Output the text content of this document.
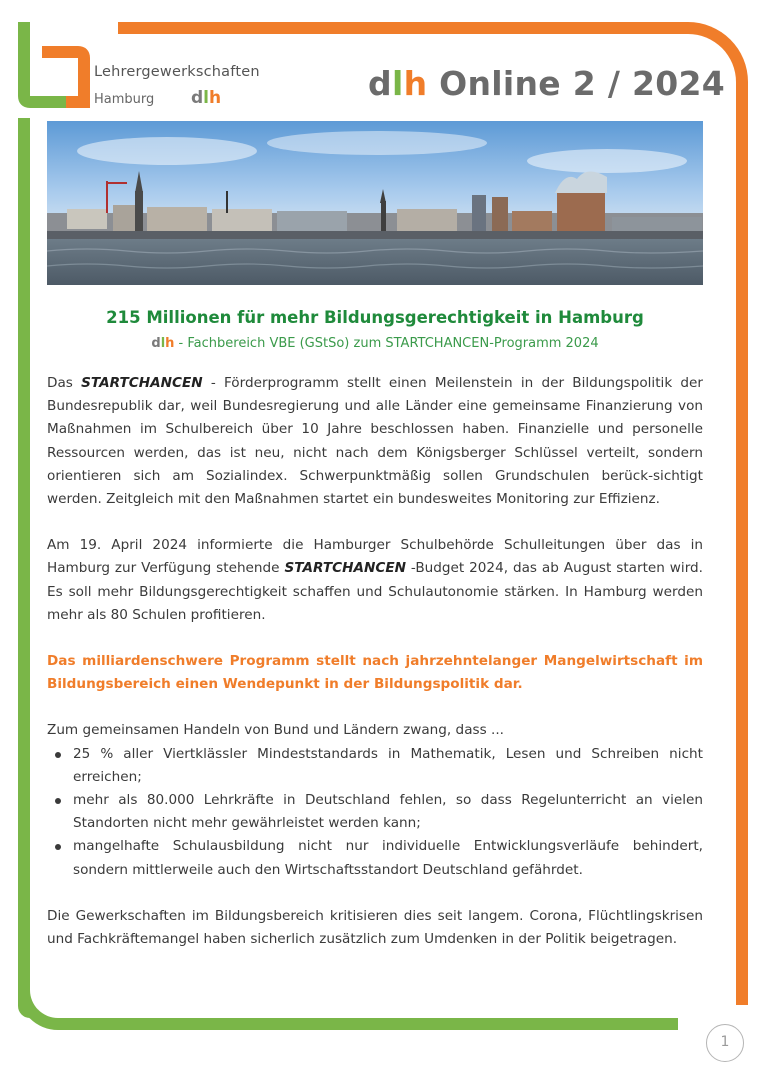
Lehrergewerkschaften
Hamburg dlh	dlh Online 2 / 2024
215 Millionen für mehr Bildungsgerechtigkeit in Hamburg
dlh - Fachbereich VBE (GStSo) zum STARTCHANCEN-Programm 2024

Das STARTCHANCEN - Förderprogramm stellt einen Meilenstein in der Bildungspolitik der Bundesrepublik dar, weil Bundesregierung und alle Länder eine gemeinsame Finanzierung von Maßnahmen im Schulbereich über 10 Jahre beschlossen haben. Finanzielle und personelle Ressourcen werden, das ist neu, nicht nach dem Königsberger Schlüssel verteilt, sondern orientieren sich am Sozialindex. Schwerpunktmäßig sollen Grundschulen berück-sichtigt werden. Zeitgleich mit den Maßnahmen startet ein bundesweites Monitoring zur Effizienz.

Am 19. April 2024 informierte die Hamburger Schulbehörde Schulleitungen über das in Hamburg zur Verfügung stehende STARTCHANCEN -Budget 2024, das ab August starten wird. Es soll mehr Bildungsgerechtigkeit schaffen und Schulautonomie stärken. In Hamburg werden mehr als 80 Schulen profitieren.

Das milliardenschwere Programm stellt nach jahrzehntelanger Mangelwirtschaft im Bildungsbereich einen Wendepunkt in der Bildungspolitik dar.

Zum gemeinsamen Handeln von Bund und Ländern zwang, dass ...

25 % aller Viertklässler Mindeststandards in Mathematik, Lesen und Schreiben nicht erreichen;
mehr als 80.000 Lehrkräfte in Deutschland fehlen, so dass Regelunterricht an vielen Standorten nicht mehr gewährleistet werden kann;
mangelhafte Schulausbildung nicht nur individuelle Entwicklungsverläufe behindert, sondern mittlerweile auch den Wirtschaftsstandort Deutschland gefährdet.

Die Gewerkschaften im Bildungsbereich kritisieren dies seit langem. Corona, Flüchtlingskrisen und Fachkräftemangel haben sicherlich zusätzlich zum Umdenken in der Politik beigetragen.

1
